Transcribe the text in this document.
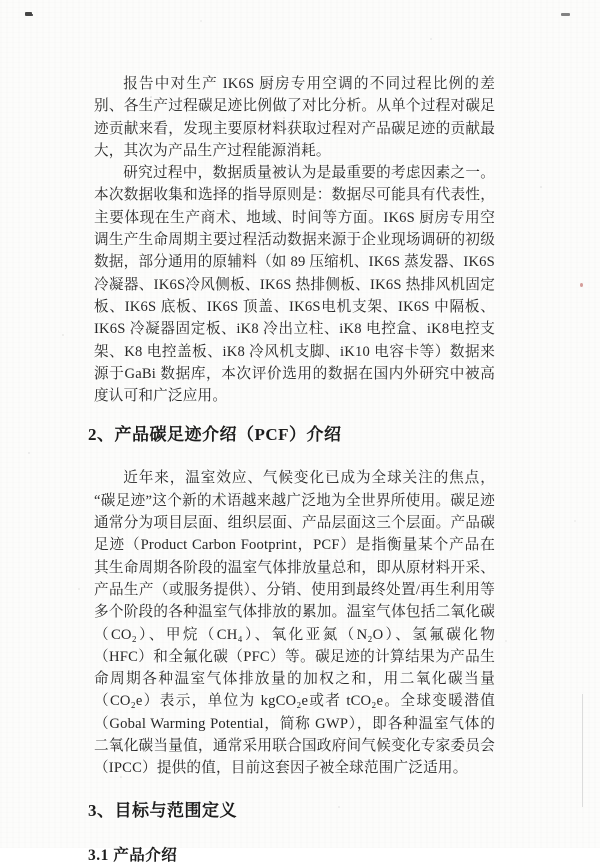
报告中对生产 IK6S 厨房专用空调的不同过程比例的差别、各生产过程碳足迹比例做了对比分析。从单个过程对碳足迹贡献来看，发现主要原材料获取过程对产品碳足迹的贡献最大，其次为产品生产过程能源消耗。

研究过程中，数据质量被认为是最重要的考虑因素之一。本次数据收集和选择的指导原则是：数据尽可能具有代表性，主要体现在生产商术、地域、时间等方面。IK6S 厨房专用空调生产生命周期主要过程活动数据来源于企业现场调研的初级数据，部分通用的原辅料（如 89 压缩机、IK6S 蒸发器、IK6S 冷凝器、IK6S冷风侧板、IK6S 热排侧板、IK6S 热排风机固定板、IK6S 底板、IK6S 顶盖、IK6S电机支架、IK6S 中隔板、IK6S 冷凝器固定板、iK8 冷出立柱、iK8 电控盒、iK8电控支架、K8 电控盖板、iK8 冷风机支脚、iK10 电容卡等）数据来源于GaBi 数据库，本次评价选用的数据在国内外研究中被高度认可和广泛应用。

2、产品碳足迹介绍（PCF）介绍

近年来，温室效应、气候变化已成为全球关注的焦点，“碳足迹”这个新的术语越来越广泛地为全世界所使用。碳足迹通常分为项目层面、组织层面、产品层面这三个层面。产品碳足迹（Product Carbon Footprint，PCF）是指衡量某个产品在其生命周期各阶段的温室气体排放量总和，即从原材料开采、产品生产（或服务提供）、分销、使用到最终处置/再生利用等多个阶段的各种温室气体排放的累加。温室气体包括二氧化碳（CO₂）、甲烷（CH₄）、氧化亚氮（N₂O）、氢氟碳化物（HFC）和全氟化碳（PFC）等。碳足迹的计算结果为产品生命周期各种温室气体排放量的加权之和，用二氧化碳当量（CO₂e）表示，单位为 kgCO₂e或者 tCO₂e。全球变暖潜值（Gobal Warming Potential，简称 GWP），即各种温室气体的二氧化碳当量值，通常采用联合国政府间气候变化专家委员会（IPCC）提供的值，目前这套因子被全球范围广泛适用。

3、目标与范围定义
3.1 产品介绍
